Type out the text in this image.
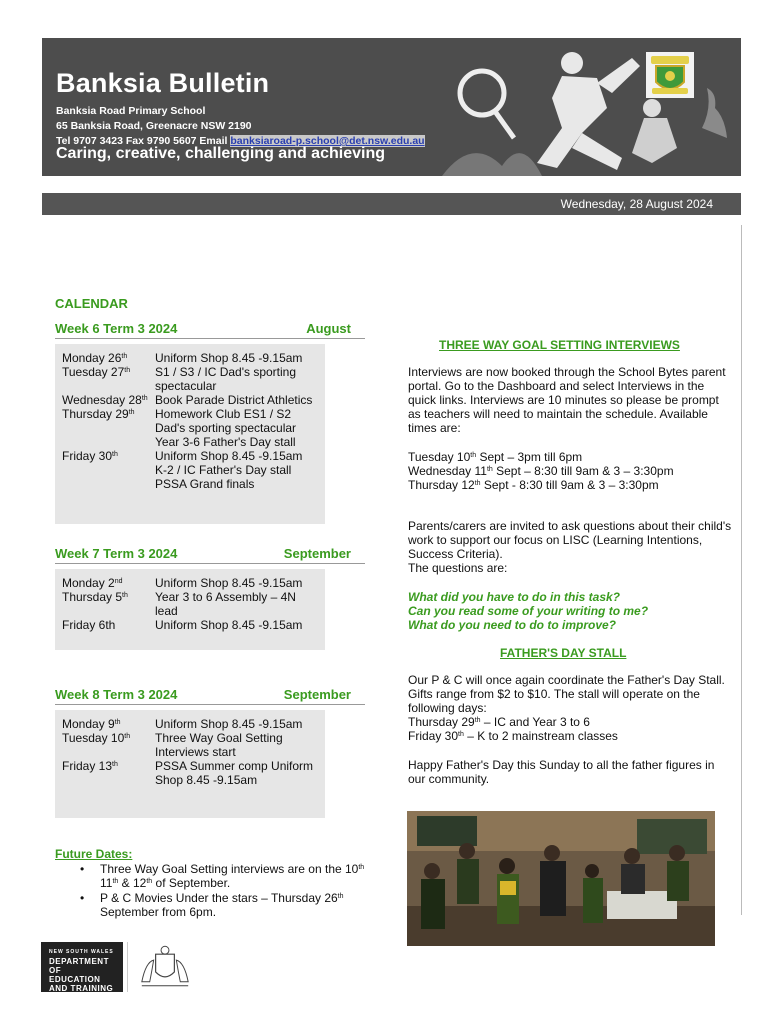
Banksia Bulletin
Banksia Road Primary School
65 Banksia Road, Greenacre NSW 2190
Tel 9707 3423 Fax 9790 5607 Email banksiaroad-p.school@det.nsw.edu.au
Caring, creative, challenging and achieving
Wednesday, 28 August 2024
CALENDAR
Week 6 Term 3 2024	August
Monday 26th Uniform Shop 8.45 -9.15am
Tuesday 27th S1 / S3 / IC Dad's sporting spectacular
Wednesday 28th Book Parade District Athletics
Thursday 29th Homework Club ES1 / S2 Dad's sporting spectacular Year 3-6 Father's Day stall
Friday 30th	Uniform Shop 8.45 -9.15am K-2 / IC Father's Day stall PSSA Grand finals
Week 7 Term 3 2024	September
Monday 2nd	Uniform Shop 8.45 -9.15am
Thursday 5th Year 3 to 6 Assembly – 4N lead
Friday 6th	Uniform Shop 8.45 -9.15am
Week 8 Term 3 2024	September
Monday 9th	Uniform Shop 8.45 -9.15am
Tuesday 10th Three Way Goal Setting Interviews start
Friday 13th	PSSA Summer comp Uniform Shop 8.45 -9.15am
Future Dates:
• Three Way Goal Setting interviews are on the 10th 11th & 12th of September.
• P & C Movies Under the stars – Thursday 26th September from 6pm.
NEW SOUTH WALES
DEPARTMENT
OF EDUCATION
AND TRAINING
THREE WAY GOAL SETTING INTERVIEWS
Interviews are now booked through the School Bytes parent portal. Go to the Dashboard and select Interviews in the quick links. Interviews are 10 minutes so please be prompt as teachers will need to maintain the schedule. Available times are:
Tuesday 10th Sept – 3pm till 6pm
Wednesday 11th Sept – 8:30 till 9am & 3 – 3:30pm
Thursday 12th Sept - 8:30 till 9am & 3 – 3:30pm
Parents/carers are invited to ask questions about their child's work to support our focus on LISC (Learning Intentions, Success Criteria).
The questions are:
What did you have to do in this task?
Can you read some of your writing to me?
What do you need to do to improve?
FATHER'S DAY STALL
Our P & C will once again coordinate the Father's Day Stall. Gifts range from $2 to $10. The stall will operate on the following days:
Thursday 29th – IC and Year 3 to 6
Friday 30th – K to 2 mainstream classes
Happy Father's Day this Sunday to all the father figures in our community.
